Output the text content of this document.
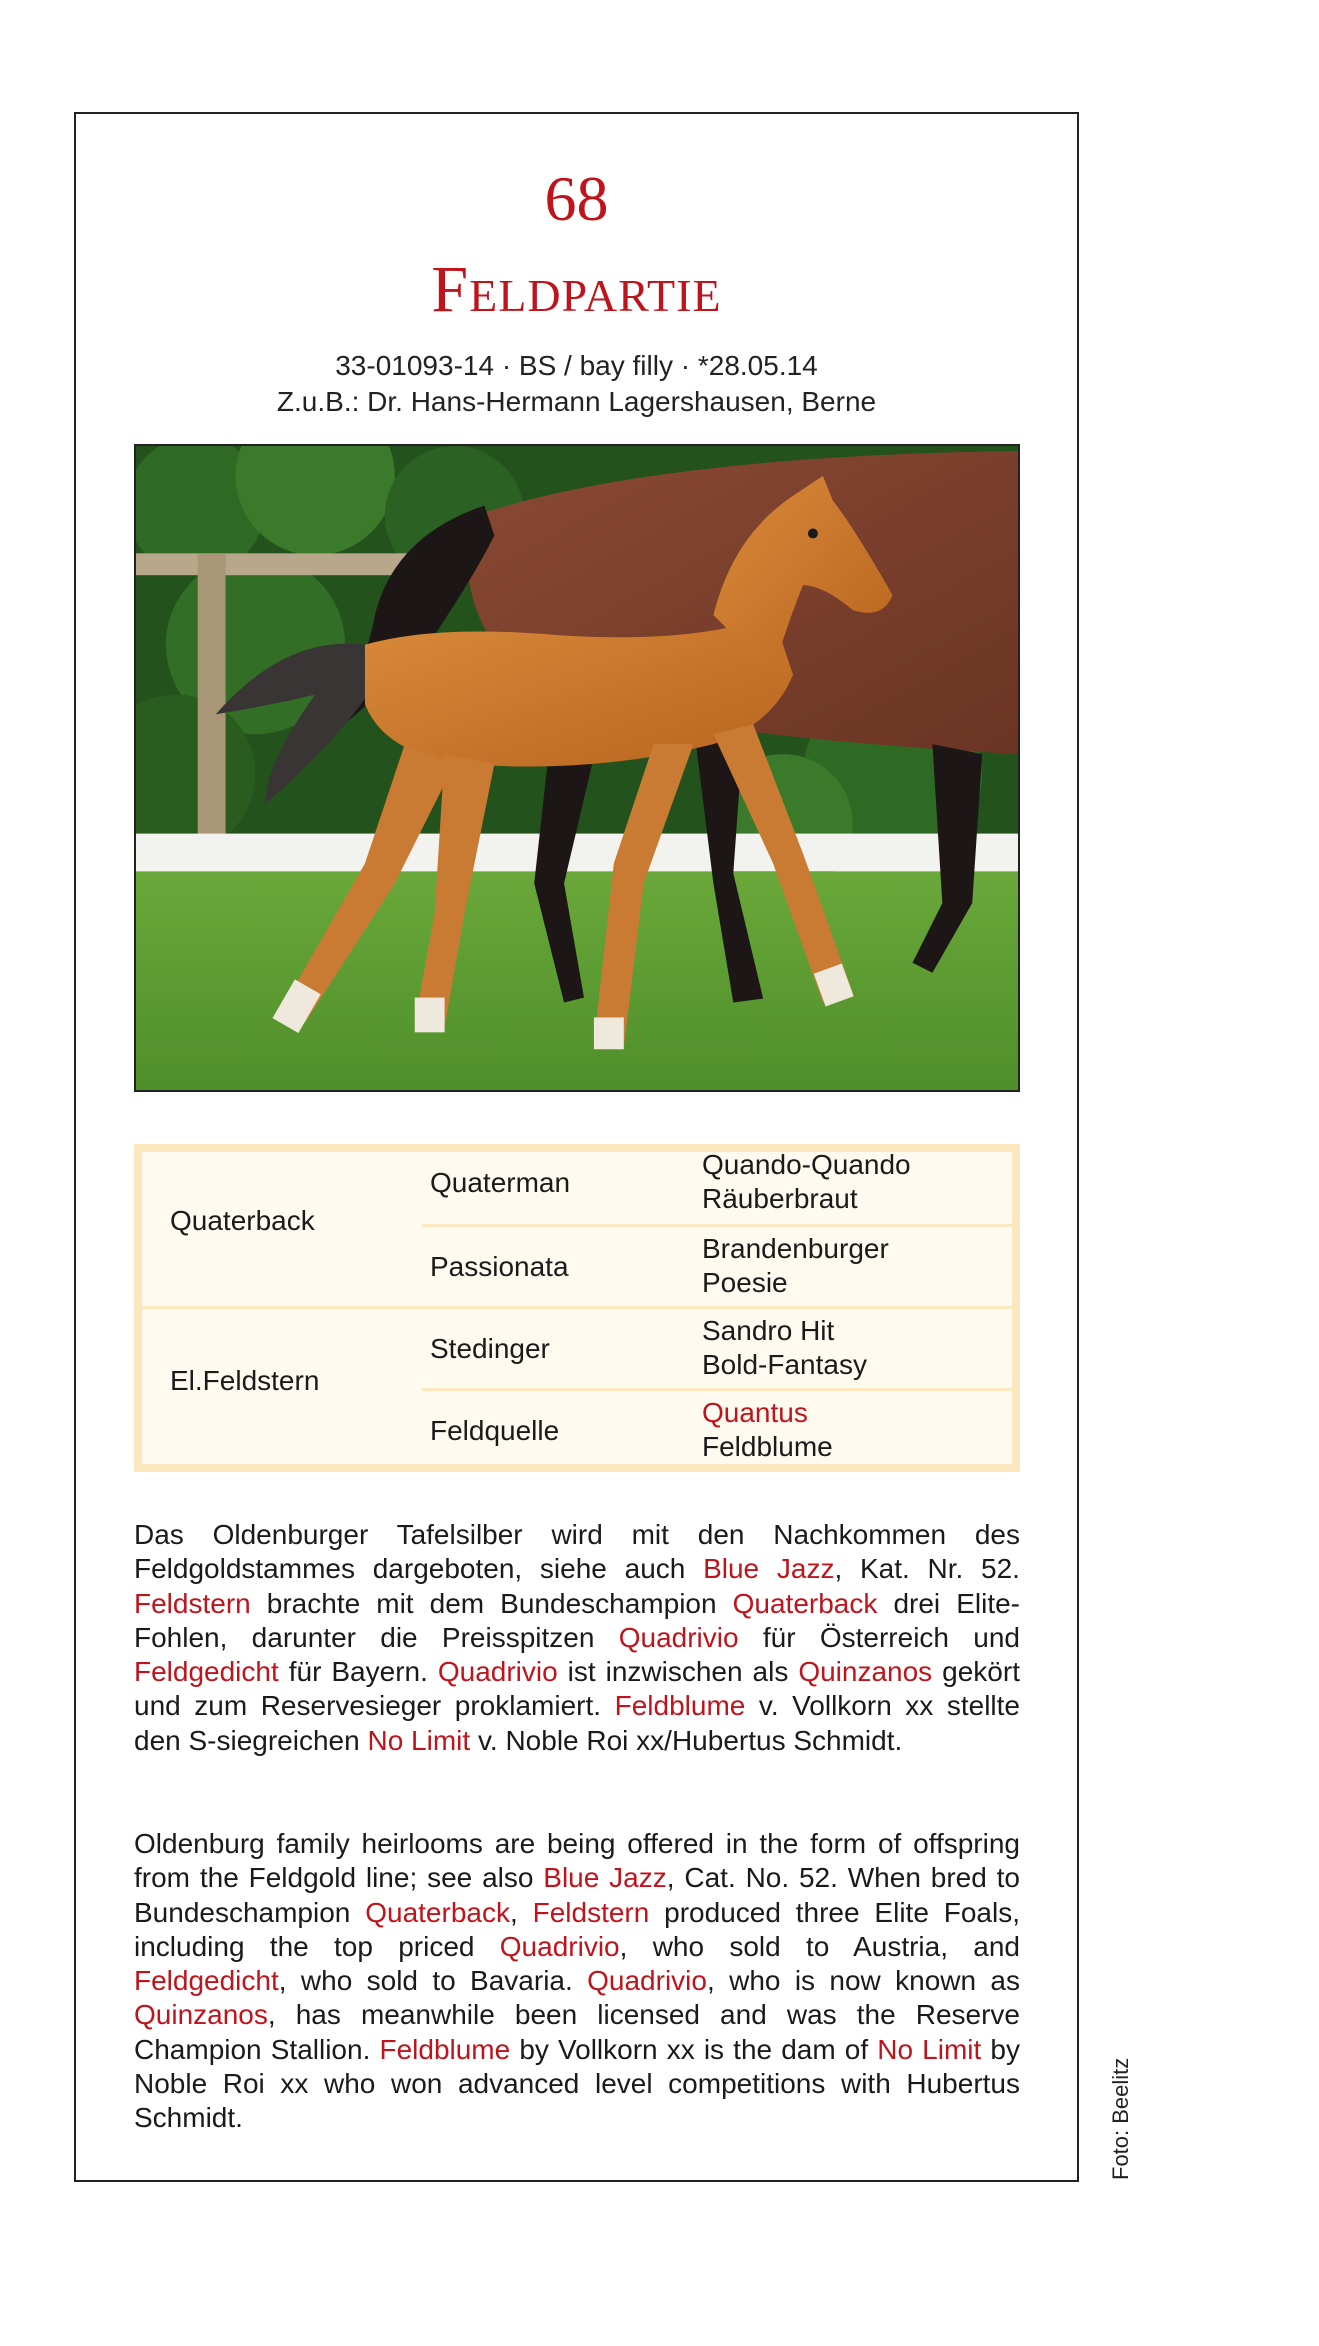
68
Feldpartie
33-01093-14 · BS / bay filly · *28.05.14
Z.u.B.: Dr. Hans-Hermann Lagershausen, Berne
Quaterback
El.Feldstern
Quaterman
Passionata
Stedinger
Feldquelle
Quando-Quando
Räuberbraut
Brandenburger
Poesie
Sandro Hit
Bold-Fantasy
Quantus
Feldblume
Das Oldenburger Tafelsilber wird mit den Nachkommen des Feldgoldstammes dargeboten, siehe auch Blue Jazz, Kat. Nr. 52. Feldstern brachte mit dem Bundeschampion Quaterback drei Elite-Fohlen, darunter die Preisspitzen Quadrivio für Österreich und Feldgedicht für Bayern. Quadrivio ist inzwischen als Quinzanos gekört und zum Reservesieger proklamiert. Feldblume v. Vollkorn xx stellte den S-siegreichen No Limit v. Noble Roi xx/Hubertus Schmidt.
Oldenburg family heirlooms are being offered in the form of offspring from the Feldgold line; see also Blue Jazz, Cat. No. 52. When bred to Bundeschampion Quaterback, Feldstern produced three Elite Foals, including the top priced Quadrivio, who sold to Austria, and Feldgedicht, who sold to Bavaria. Quadrivio, who is now known as Quinzanos, has meanwhile been licensed and was the Reserve Champion Stallion. Feldblume by Vollkorn xx is the dam of No Limit by Noble Roi xx who won advanced level competitions with Hubertus Schmidt.	Foto: Beelitz
